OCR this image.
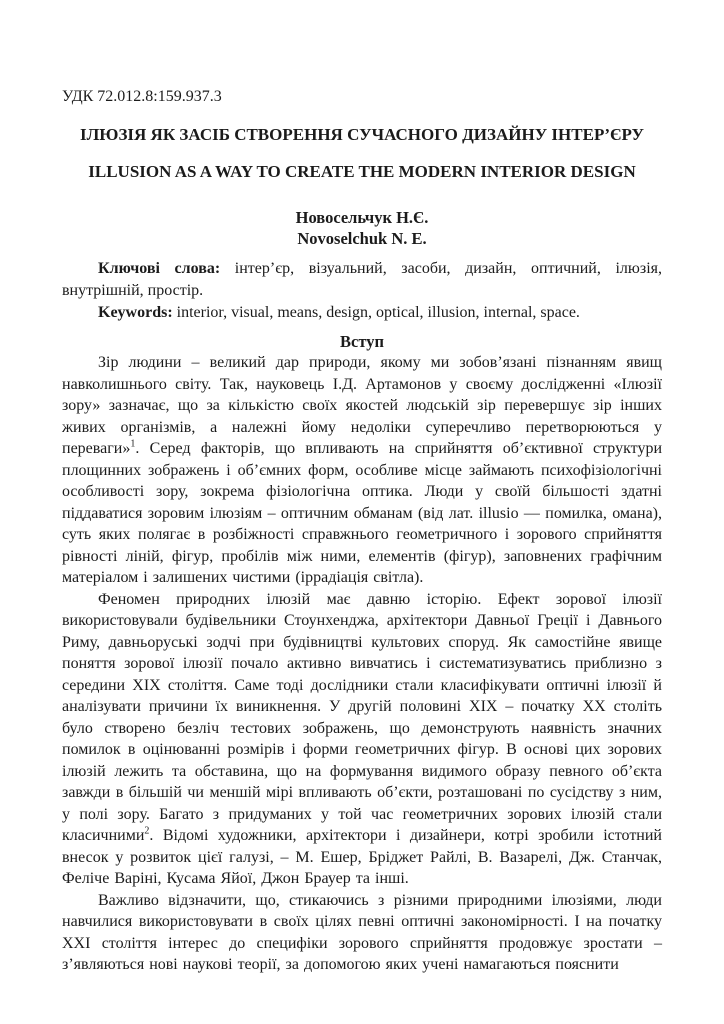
УДК 72.012.8:159.937.3

ІЛЮЗІЯ ЯК ЗАСІБ СТВОРЕННЯ СУЧАСНОГО ДИЗАЙНУ ІНТЕР’ЄРУ
ILLUSION AS A WAY TO CREATE THE MODERN INTERIOR DESIGN

Новосельчук Н.Є.
Novoselchuk N. E.

Ключові слова: інтер’єр, візуальний, засоби, дизайн, оптичний, ілюзія, внутрішній, простір.

Keywords: interior, visual, means, design, optical, illusion, internal, space.

Вступ

Зір людини – великий дар природи, якому ми зобов’язані пізнанням явищ навколишнього світу. Так, науковець І.Д. Артамонов у своєму дослідженні «Ілюзії зору» зазначає, що за кількістю своїх якостей людській зір перевершує зір інших живих організмів, а належні йому недоліки суперечливо перетворюються у переваги»$^1$. Серед факторів, що впливають на сприйняття об’єктивної структури площинних зображень і об’ємних форм, особливе місце займають психофізіологічні особливості зору, зокрема фізіологічна оптика. Люди у своїй більшості здатні піддаватися зоровим ілюзіям – оптичним обманам (від лат. illusio — помилка, омана), суть яких полягає в розбіжності справжнього геометричного і зорового сприйняття рівності ліній, фігур, пробілів між ними, елементів (фігур), заповнених графічним матеріалом і залишених чистими (іррадіація світла).

Феномен природних ілюзій має давню історію. Ефект зорової ілюзії використовували будівельники Стоунхенджа, архітектори Давньої Греції і Давнього Риму, давньоруські зодчі при будівництві культових споруд. Як самостійне явище поняття зорової ілюзії почало активно вивчатись і систематизуватись приблизно з середини XIX століття. Саме тоді дослідники стали класифікувати оптичні ілюзії й аналізувати причини їх виникнення. У другій половині XIX – початку XX століть було створено безліч тестових зображень, що демонструють наявність значних помилок в оцінюванні розмірів і форми геометричних фігур. В основі цих зорових ілюзій лежить та обставина, що на формування видимого образу певного об’єкта завжди в більшій чи меншій мірі впливають об’єкти, розташовані по сусідству з ним, у полі зору. Багато з придуманих у той час геометричних зорових ілюзій стали класичними$^2$. Відомі художники, архітектори і дизайнери, котрі зробили істотний внесок у розвиток цієї галузі, – М. Ешер, Бріджет Райлі, В. Вазарелі, Дж. Станчак, Феліче Варіні, Кусама Яйої, Джон Брауер та інші.

Важливо відзначити, що, стикаючись з різними природними ілюзіями, люди навчилися використовувати в своїх цілях певні оптичні закономірності. І на початку XXI століття інтерес до специфіки зорового сприйняття продовжує зростати – з’являються нові наукові теорії, за допомогою яких учені намагаються пояснити
